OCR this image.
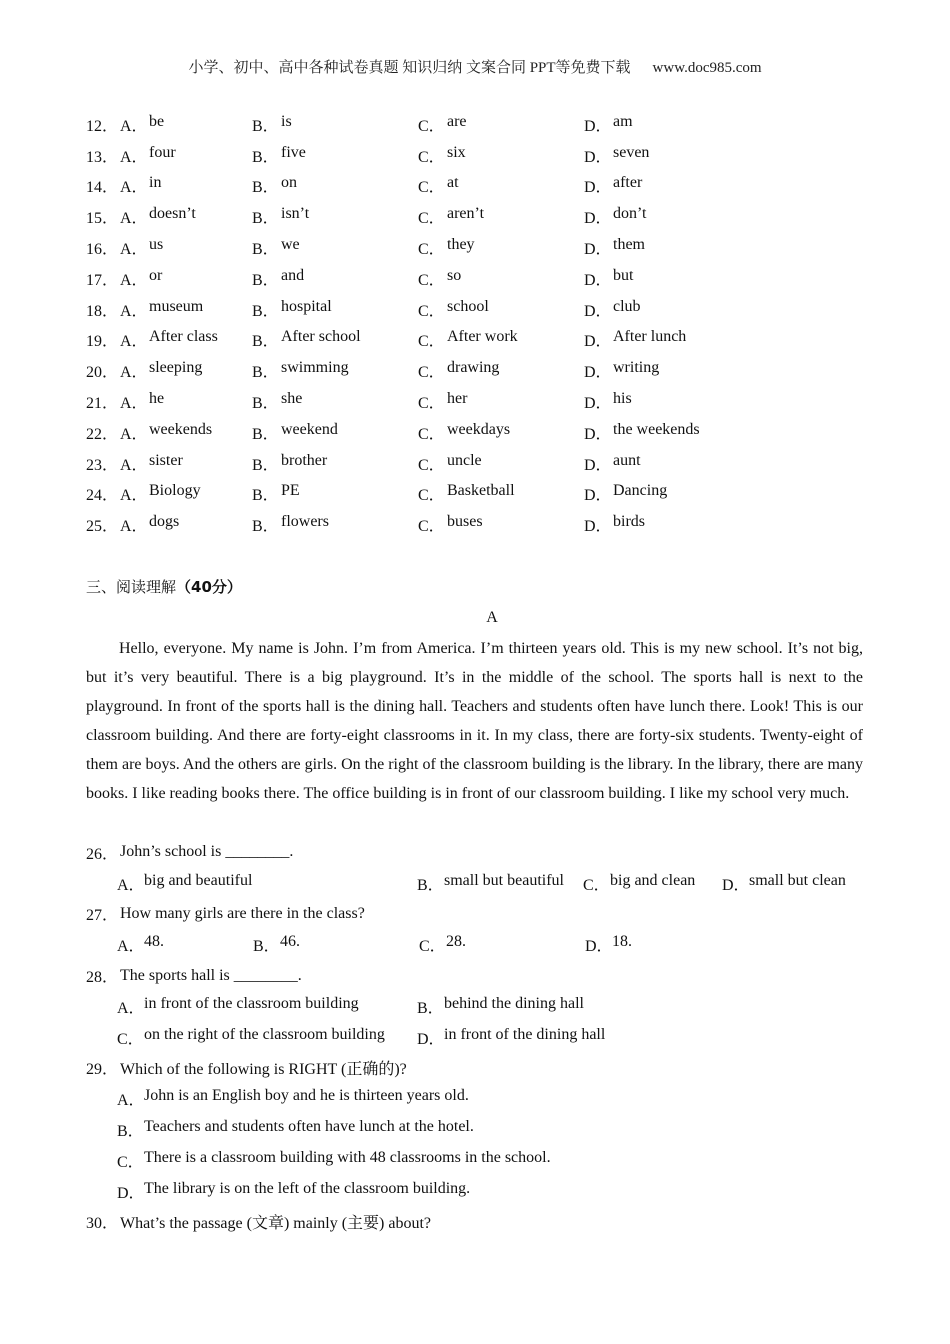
小学、初中、高中各种试卷真题 知识归纳 文案合同 PPT等免费下载 www.doc985.com
12． A． be	B． is	C． are	D． am
13． A． four	B． five	C． six	D． seven
14． A． in	B． on	C． at	D． after
15． A． doesn’t	B． isn’t	C． aren’t	D． don’t
16． A． us	B． we	C． they	D． them
17． A． or	B． and	C． so	D． but
18． A． museum	B． hospital	C． school	D． club
19． A． After class B． After school	C． After work	D． After lunch
20． A． sleeping	B． swimming	C． drawing	D． writing
21． A． he	B． she	C． her	D． his
22． A． weekends B． weekend	C． weekdays	D． the weekends
23． A． sister	B． brother	C． uncle	D． aunt
24． A． Biology	B． PE	C． Basketball	D． Dancing
25． A． dogs	B． flowers	C． buses	D． birds
三、阅读理解（40分）
A

Hello, everyone. My name is John. I’m from America. I’m thirteen years old. This is my new school. It’s not big, but it’s very beautiful. There is a big playground. It’s in the middle of the school. The sports hall is next to the playground. In front of the sports hall is the dining hall. Teachers and students often have lunch there. Look! This is our classroom building. And there are forty-eight classrooms in it. In my class, there are forty-six students. Twenty-eight of them are boys. And the others are girls. On the right of the classroom building is the library. In the library, there are many books. I like reading books there. The office building is in front of our classroom building. I like my school very much.

26． John’s school is ________.
A． big and beautiful	B． small but beautiful C． big and clean D． small but clean
27． How many girls are there in the class?
A． 48.	B． 46.	C． 28.	D． 18.
28． The sports hall is ________.
A． in front of the classroom building	B． behind the dining hall
C． on the right of the classroom building D． in front of the dining hall
29． Which of the following is RIGHT (正确的)?
A． John is an English boy and he is thirteen years old.
B． Teachers and students often have lunch at the hotel.
C． There is a classroom building with 48 classrooms in the school.
D． The library is on the left of the classroom building.
30． What’s the passage (文章) mainly (主要) about?
